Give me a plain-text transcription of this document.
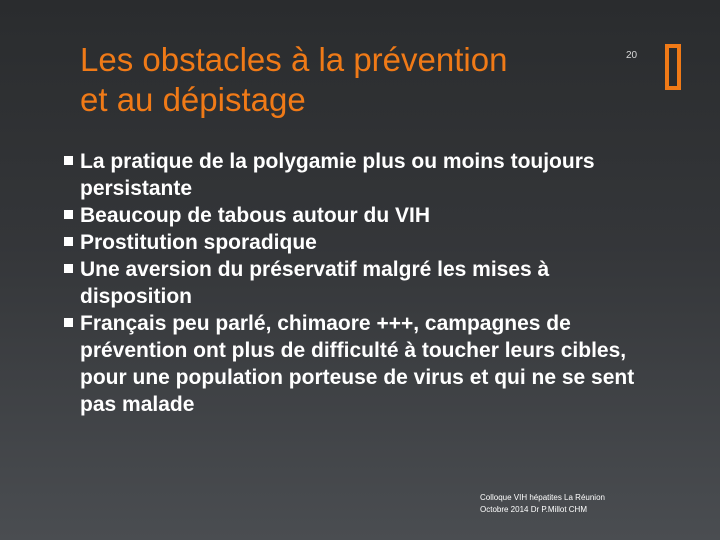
Les obstacles à la prévention
et au dépistage
20
La pratique de la polygamie plus ou moins toujours persistante
Beaucoup de tabous autour du VIH
Prostitution sporadique
Une aversion du préservatif malgré les mises à disposition
Français peu parlé, chimaore +++, campagnes de prévention ont plus de difficulté à toucher leurs cibles, pour une population porteuse de virus et qui ne se sent pas malade
Colloque VIH hépatites La Réunion
Octobre 2014 Dr P.Millot CHM
